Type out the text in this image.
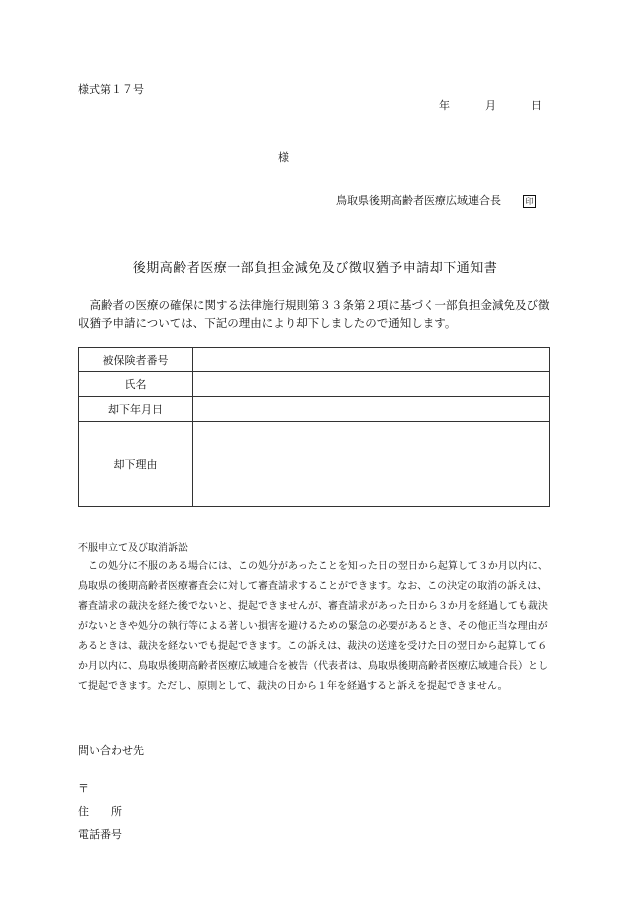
様式第１７号
年	月	日
様
鳥取県後期高齢者医療広域連合長	印
後期高齢者医療一部負担金減免及び徴収猶予申請却下通知書
高齢者の医療の確保に関する法律施行規則第３３条第２項に基づく一部負担金減免及び徴収猶予申請については、下記の理由により却下しましたので通知します。
被保険者番号	
氏名	
却下年月日	
却下理由	
不服申立て及び取消訴訟
この処分に不服のある場合には、この処分があったことを知った日の翌日から起算して３か月以内に、鳥取県の後期高齢者医療審査会に対して審査請求することができます。なお、この決定の取消の訴えは、審査請求の裁決を経た後でないと、提起できませんが、審査請求があった日から３か月を経過しても裁決がないときや処分の執行等による著しい損害を避けるための緊急の必要があるとき、その他正当な理由があるときは、裁決を経ないでも提起できます。この訴えは、裁決の送達を受けた日の翌日から起算して６か月以内に、鳥取県後期高齢者医療広域連合を被告（代表者は、鳥取県後期高齢者医療広域連合長）として提起できます。ただし、原則として、裁決の日から１年を経過すると訴えを提起できません。
問い合わせ先
〒
住　　所
電話番号
